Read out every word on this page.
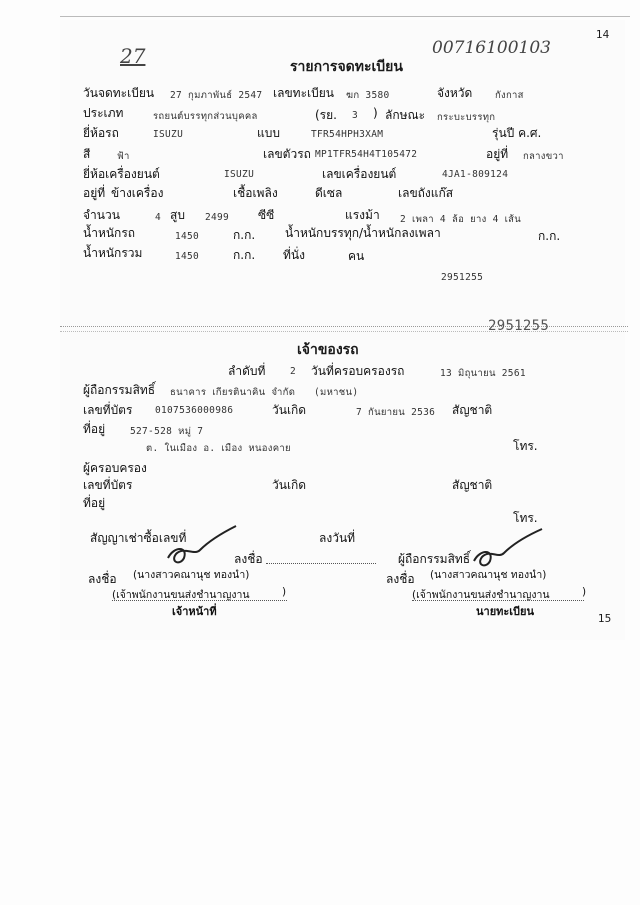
14
15
27	00716100103
รายการจดทะเบียน
วันจดทะเบียน 27 กุมภาพันธ์ 2547 เลขทะเบียน ฆก 3580	จังหวัด กังกาส
ประเภท	รถยนต์บรรทุกส่วนบุคคล	(รย. 3 ) ลักษณะ กระบะบรรทุก
ยี่ห้อรถ	ISUZU	แบบ	TFR54HPH3XAM	รุ่นปี ค.ศ.
สี	ฟ้า	เลขตัวรถ MP1TFR54H4T105472	อยู่ที่ กลางขวา
ยี่ห้อเครื่องยนต์	ISUZU	เลขเครื่องยนต์	4JA1-809124
อยู่ที่ ข้างเครื่อง	เชื้อเพลิง	ดีเซล	เลขถังแก๊ส
จำนวน	4 สูบ 2499 ซีซี	แรงม้า 2 เพลา 4 ล้อ ยาง 4 เส้น
น้ำหนักรถ	1450	ก.ก. น้ำหนักบรรทุก/น้ำหนักลงเพลา	ก.ก.
น้ำหนักรวม	1450	ก.ก. ที่นั่ง	คน
2951255
2951255
เจ้าของรถ
ลำดับที่	2 วันที่ครอบครองรถ	13 มิถุนายน 2561
ผู้ถือกรรมสิทธิ์ ธนาคาร เกียรตินาคิน จำกัด (มหาชน)
เลขที่บัตร 0107536000986	วันเกิด	7 กันยายน 2536 สัญชาติ
ที่อยู่	527-528 หมู่ 7
ต. ในเมือง อ. เมือง หนองคาย	โทร.
ผู้ครอบครอง
เลขที่บัตร	วันเกิด	สัญชาติ
ที่อยู่
โทร.
สัญญาเช่าซื้อเลขที่	ลงวันที่
ลงชื่อ
ลงชื่อ (นางสาวคณานุช ทองนำ)
(เจ้าพนักงานขนส่งชำนาญงาน	)
เจ้าหน้าที่
ผู้ถือกรรมสิทธิ์
ลงชื่อ (นางสาวคณานุช ทองนำ)
(เจ้าพนักงานขนส่งชำนาญงาน	)
นายทะเบียน
